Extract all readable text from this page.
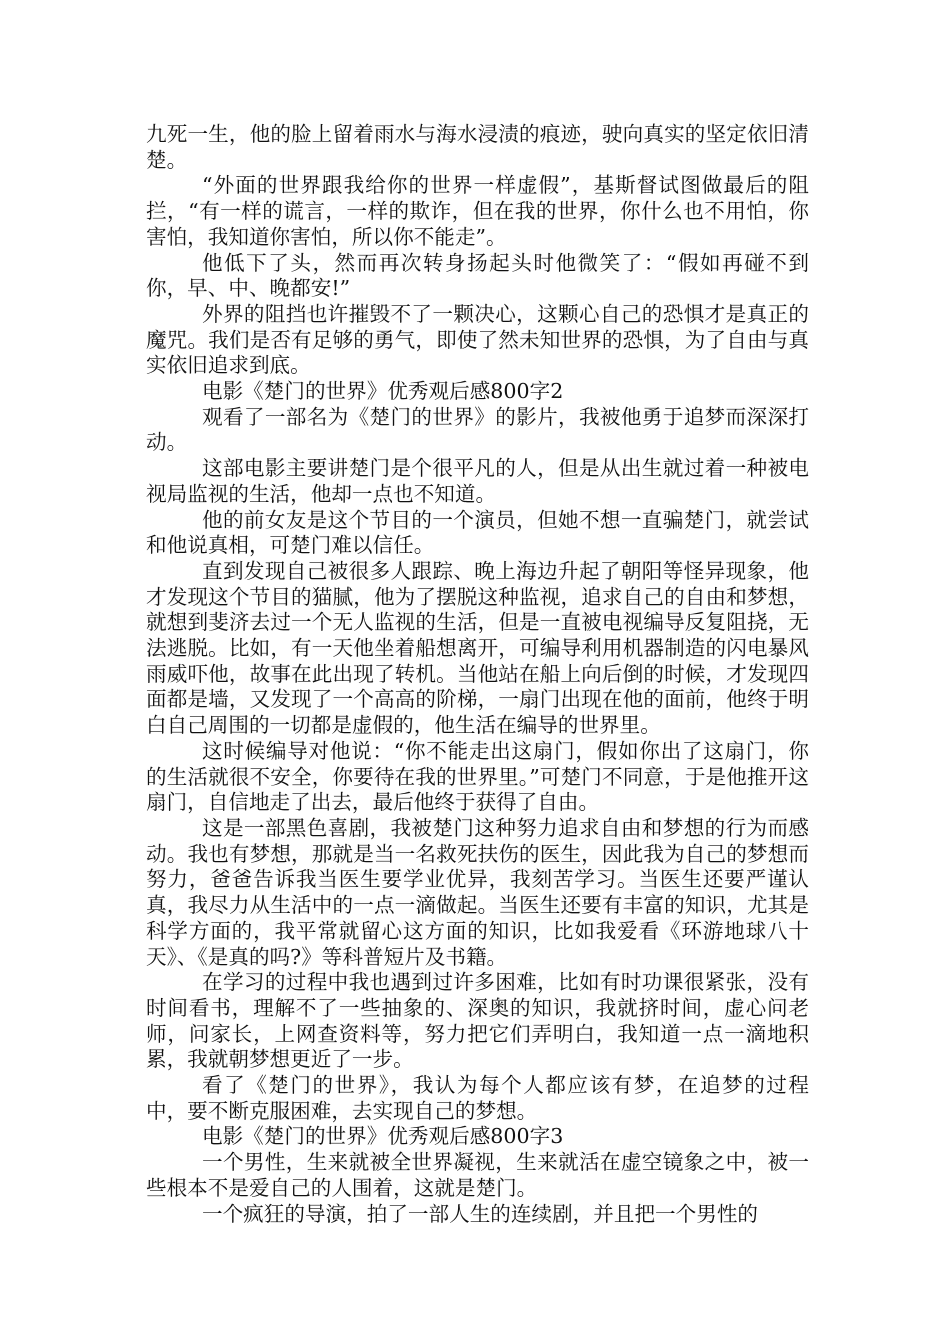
九死一生，他的脸上留着雨水与海水浸渍的痕迹，驶向真实的坚定依旧清楚。

“外面的世界跟我给你的世界一样虚假”，基斯督试图做最后的阻拦，“有一样的谎言，一样的欺诈，但在我的世界，你什么也不用怕，你害怕，我知道你害怕，所以你不能走”。

他低下了头，然而再次转身扬起头时他微笑了：“假如再碰不到你，早、中、晚都安!”

外界的阻挡也许摧毁不了一颗决心，这颗心自己的恐惧才是真正的魔咒。我们是否有足够的勇气，即使了然未知世界的恐惧，为了自由与真实依旧追求到底。

电影《楚门的世界》优秀观后感800字2

观看了一部名为《楚门的世界》的影片，我被他勇于追梦而深深打动。

这部电影主要讲楚门是个很平凡的人，但是从出生就过着一种被电视局监视的生活，他却一点也不知道。

他的前女友是这个节目的一个演员，但她不想一直骗楚门，就尝试和他说真相，可楚门难以信任。

直到发现自己被很多人跟踪、晚上海边升起了朝阳等怪异现象，他才发现这个节目的猫腻，他为了摆脱这种监视，追求自己的自由和梦想，就想到斐济去过一个无人监视的生活，但是一直被电视编导反复阻挠，无法逃脱。比如，有一天他坐着船想离开，可编导利用机器制造的闪电暴风雨威吓他，故事在此出现了转机。当他站在船上向后倒的时候，才发现四面都是墙，又发现了一个高高的阶梯，一扇门出现在他的面前，他终于明白自己周围的一切都是虚假的，他生活在编导的世界里。

这时候编导对他说：“你不能走出这扇门，假如你出了这扇门，你的生活就很不安全，你要待在我的世界里。”可楚门不同意，于是他推开这扇门，自信地走了出去，最后他终于获得了自由。

这是一部黑色喜剧，我被楚门这种努力追求自由和梦想的行为而感动。我也有梦想，那就是当一名救死扶伤的医生，因此我为自己的梦想而努力，爸爸告诉我当医生要学业优异，我刻苦学习。当医生还要严谨认真，我尽力从生活中的一点一滴做起。当医生还要有丰富的知识，尤其是科学方面的，我平常就留心这方面的知识，比如我爱看《环游地球八十天》、《是真的吗?》等科普短片及书籍。

在学习的过程中我也遇到过许多困难，比如有时功课很紧张，没有时间看书，理解不了一些抽象的、深奥的知识，我就挤时间，虚心问老师，问家长，上网查资料等，努力把它们弄明白，我知道一点一滴地积累，我就朝梦想更近了一步。

看了《楚门的世界》，我认为每个人都应该有梦，在追梦的过程中，要不断克服困难，去实现自己的梦想。

电影《楚门的世界》优秀观后感800字3

一个男性，生来就被全世界凝视，生来就活在虚空镜象之中，被一些根本不是爱自己的人围着，这就是楚门。

一个疯狂的导演，拍了一部人生的连续剧，并且把一个男性的
